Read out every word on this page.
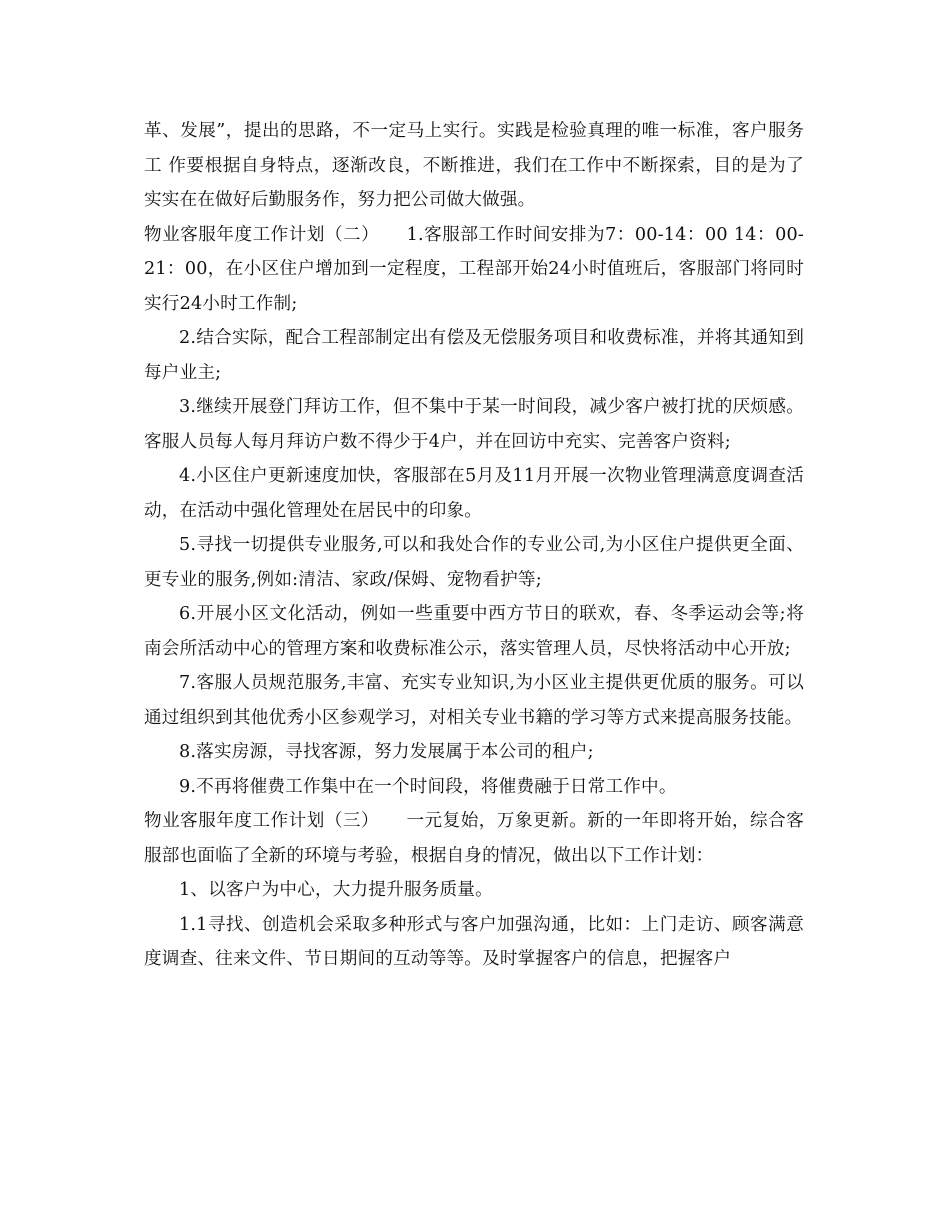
革、发展”，提出的思路，不一定马上实行。实践是检验真理的唯一标准，客户服务工 作要根据自身特点，逐渐改良，不断推进，我们在工作中不断探索，目的是为了实实在在做好后勤服务作，努力把公司做大做强。

物业客服年度工作计划（二）　　1.客服部工作时间安排为7：00-14：00 14：00-21：00，在小区住户增加到一定程度，工程部开始24小时值班后，客服部门将同时实行24小时工作制;

2.结合实际，配合工程部制定出有偿及无偿服务项目和收费标准，并将其通知到每户业主;

3.继续开展登门拜访工作，但不集中于某一时间段，减少客户被打扰的厌烦感。客服人员每人每月拜访户数不得少于4户，并在回访中充实、完善客户资料;

4.小区住户更新速度加快，客服部在5月及11月开展一次物业管理满意度调查活动，在活动中强化管理处在居民中的印象。

5.寻找一切提供专业服务,可以和我处合作的专业公司,为小区住户提供更全面、更专业的服务,例如:清洁、家政/保姆、宠物看护等;

6.开展小区文化活动，例如一些重要中西方节日的联欢，春、冬季运动会等;将南会所活动中心的管理方案和收费标准公示，落实管理人员，尽快将活动中心开放;

7.客服人员规范服务,丰富、充实专业知识,为小区业主提供更优质的服务。可以通过组织到其他优秀小区参观学习，对相关专业书籍的学习等方式来提高服务技能。

8.落实房源，寻找客源，努力发展属于本公司的租户;

9.不再将催费工作集中在一个时间段，将催费融于日常工作中。

物业客服年度工作计划（三）　　一元复始，万象更新。新的一年即将开始，综合客服部也面临了全新的环境与考验，根据自身的情况，做出以下工作计划：

1、以客户为中心，大力提升服务质量。

1.1寻找、创造机会采取多种形式与客户加强沟通，比如：上门走访、顾客满意度调查、往来文件、节日期间的互动等等。及时掌握客户的信息，把握客户
